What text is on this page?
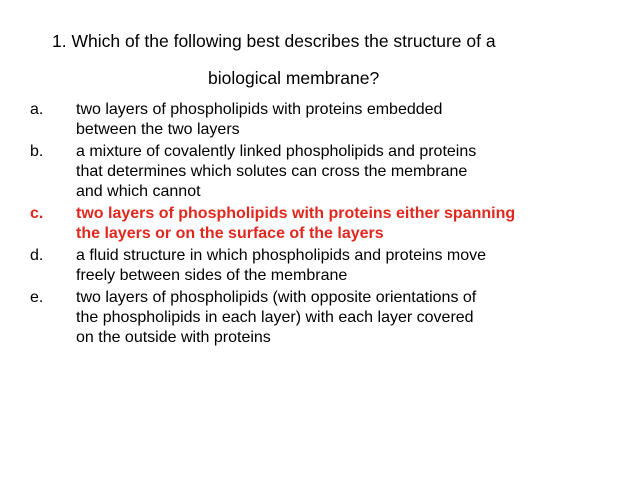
1. Which of the following best describes the structure of a
biological membrane?
a.	two layers of phospholipids with proteins embedded
between the two layers
b.	a mixture of covalently linked phospholipids and proteins
that determines which solutes can cross the membrane
and which cannot
c.	two layers of phospholipids with proteins either spanning
the layers or on the surface of the layers
d.	a fluid structure in which phospholipids and proteins move
freely between sides of the membrane
e.	two layers of phospholipids (with opposite orientations of
the phospholipids in each layer) with each layer covered
on the outside with proteins
